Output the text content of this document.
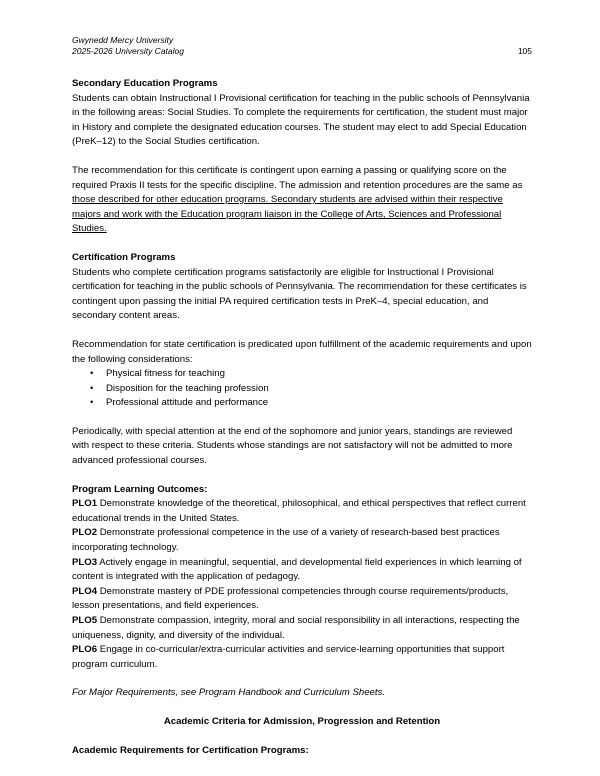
Gwynedd Mercy University
2025-2026 University Catalog	105

Secondary Education Programs

Students can obtain Instructional I Provisional certification for teaching in the public schools of Pennsylvania in the following areas: Social Studies. To complete the requirements for certification, the student must major in History and complete the designated education courses. The student may elect to add Special Education (PreK–12) to the Social Studies certification.

The recommendation for this certificate is contingent upon earning a passing or qualifying score on the required Praxis II tests for the specific discipline. The admission and retention procedures are the same as those described for other education programs. Secondary students are advised within their respective majors and work with the Education program liaison in the College of Arts, Sciences and Professional Studies.

Certification Programs

Students who complete certification programs satisfactorily are eligible for Instructional I Provisional certification for teaching in the public schools of Pennsylvania. The recommendation for these certificates is contingent upon passing the initial PA required certification tests in PreK–4, special education, and secondary content areas.

Recommendation for state certification is predicated upon fulfillment of the academic requirements and upon the following considerations:

• Physical fitness for teaching
• Disposition for the teaching profession
• Professional attitude and performance

Periodically, with special attention at the end of the sophomore and junior years, standings are reviewed with respect to these criteria. Students whose standings are not satisfactory will not be admitted to more advanced professional courses.

Program Learning Outcomes:

PLO1 Demonstrate knowledge of the theoretical, philosophical, and ethical perspectives that reflect current educational trends in the United States.

PLO2 Demonstrate professional competence in the use of a variety of research-based best practices incorporating technology.

PLO3 Actively engage in meaningful, sequential, and developmental field experiences in which learning of content is integrated with the application of pedagogy.

PLO4 Demonstrate mastery of PDE professional competencies through course requirements/products, lesson presentations, and field experiences.

PLO5 Demonstrate compassion, integrity, moral and social responsibility in all interactions, respecting the uniqueness, dignity, and diversity of the individual.

PLO6 Engage in co-curricular/extra-curricular activities and service-learning opportunities that support program curriculum.

For Major Requirements, see Program Handbook and Curriculum Sheets.

Academic Criteria for Admission, Progression and Retention

Academic Requirements for Certification Programs:
